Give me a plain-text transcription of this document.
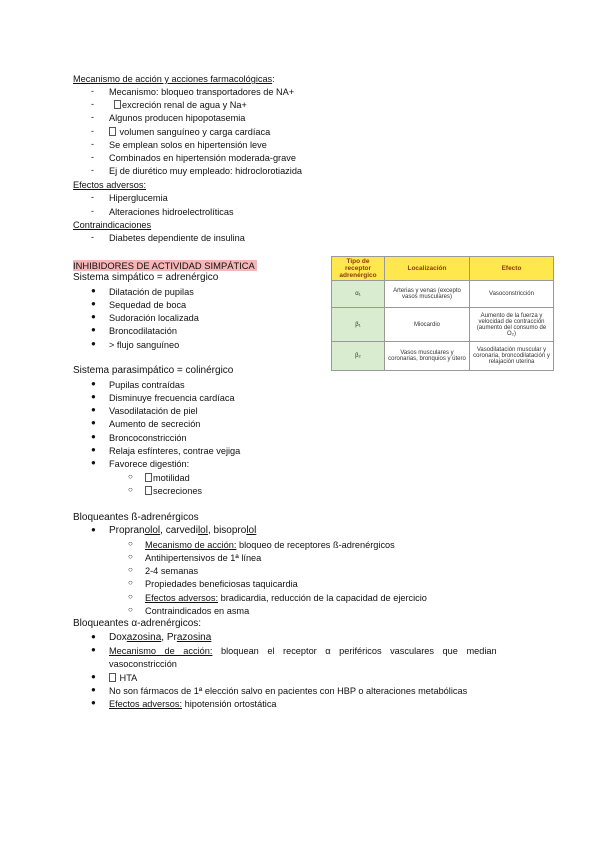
Mecanismo de acción y acciones farmacológicas:
- Mecanismo: bloqueo transportadores de NA+
-	excreción renal de agua y Na+
- Algunos producen hipopotasemia
-	volumen sanguíneo y carga cardíaca
- Se emplean solos en hipertensión leve
- Combinados en hipertensión moderada-grave
- Ej de diurético muy empleado: hidroclorotiazida
Efectos adversos:
- Hiperglucemia
- Alteraciones hidroelectrolíticas
Contraindicaciones
- Diabetes dependiente de insulina
INHIBIDORES DE ACTIVIDAD SIMPÁTICA
Sistema simpático = adrenérgico
● Dilatación de pupilas
● Sequedad de boca
● Sudoración localizada
● Broncodilatación
● > flujo sanguíneo
Tipo de receptor adrenérgico	Localización	Efecto
α₁	Arterias y venas (excepto vasos musculares)	Vasoconstricción
β₁	Miocardio	Aumento de la fuerza y velocidad de contracción (aumento del consumo de O₂)
β₂	Vasos musculares y coronarias, bronquios y útero	Vasodilatación muscular y coronaria, broncodilatación y relajación uterina
Sistema parasimpático = colinérgico
● Pupilas contraídas
● Disminuye frecuencia cardíaca
● Vasodilatación de piel
● Aumento de secreción
● Broncoconstricción
● Relaja esfínteres, contrae vejiga
● Favorece digestión:
○	motilidad
○	secreciones
Bloqueantes ß-adrenérgicos
● Propranolol, carvedilol, bisoprolol
○ Mecanismo de acción: bloqueo de receptores ß-adrenérgicos
○ Antihipertensivos de 1ª línea
○ 2-4 semanas
○ Propiedades beneficiosas taquicardia
○ Efectos adversos: bradicardia, reducción de la capacidad de ejercicio
○ Contraindicados en asma
Bloqueantes α-adrenérgicos:
● Doxazosina, Prazosina
● Mecanismo de acción: bloquean el receptor α periféricos vasculares que median
vasoconstricción
●	HTA
● No son fármacos de 1ª elección salvo en pacientes con HBP o alteraciones metabólicas
● Efectos adversos: hipotensión ortostática
